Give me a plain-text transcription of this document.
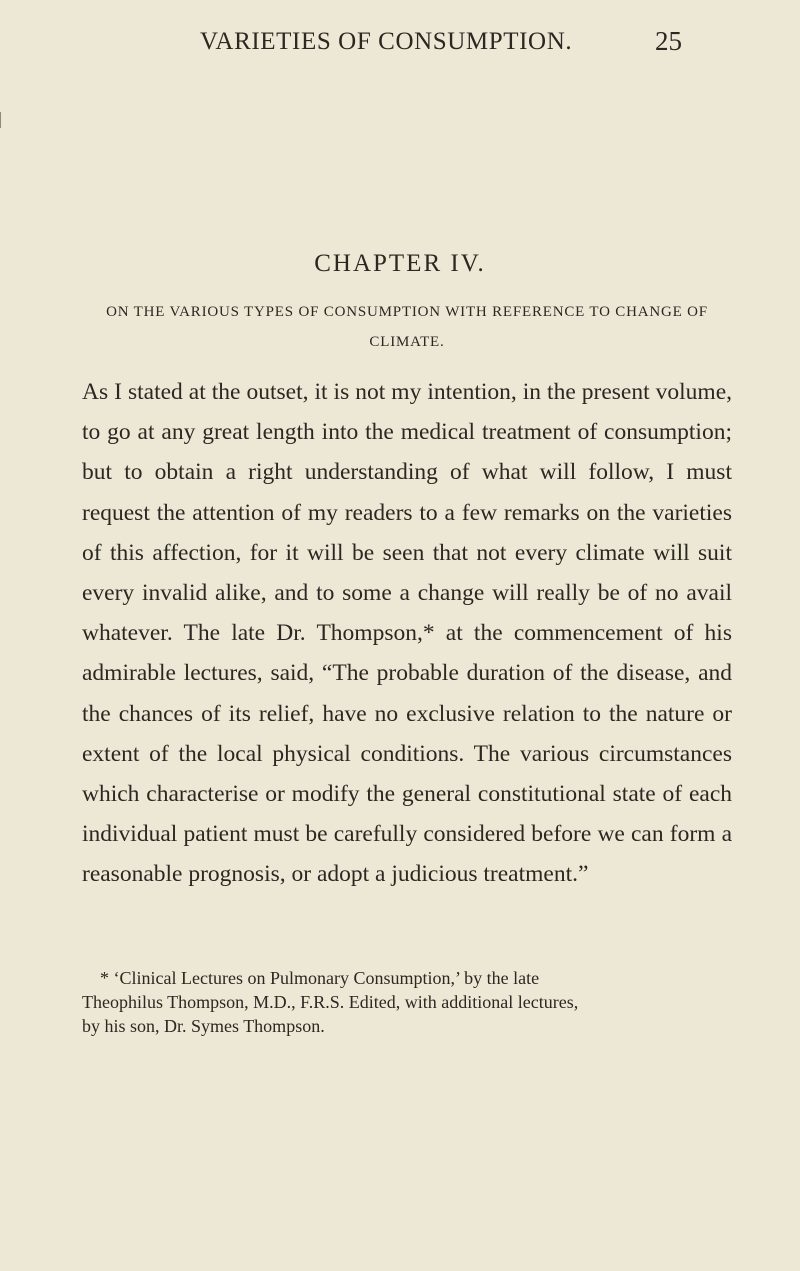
VARIETIES OF CONSUMPTION.	25
CHAPTER IV.
ON THE VARIOUS TYPES OF CONSUMPTION WITH REFERENCE TO CHANGE OF CLIMATE.
As I stated at the outset, it is not my intention, in the present volume, to go at any great length into the medical treatment of consumption; but to obtain a right understanding of what will follow, I must request the attention of my readers to a few remarks on the varieties of this affection, for it will be seen that not every climate will suit every invalid alike, and to some a change will really be of no avail whatever. The late Dr. Thompson,* at the commencement of his admirable lectures, said, “The probable duration of the disease, and the chances of its relief, have no exclusive relation to the nature or extent of the local physical conditions. The various circumstances which characterise or modify the general constitutional state of each individual patient must be carefully considered before we can form a reasonable prognosis, or adopt a judicious treatment.”
* ‘Clinical Lectures on Pulmonary Consumption,’ by the late
Theophilus Thompson, M.D., F.R.S. Edited, with additional lectures,
by his son, Dr. Symes Thompson.
